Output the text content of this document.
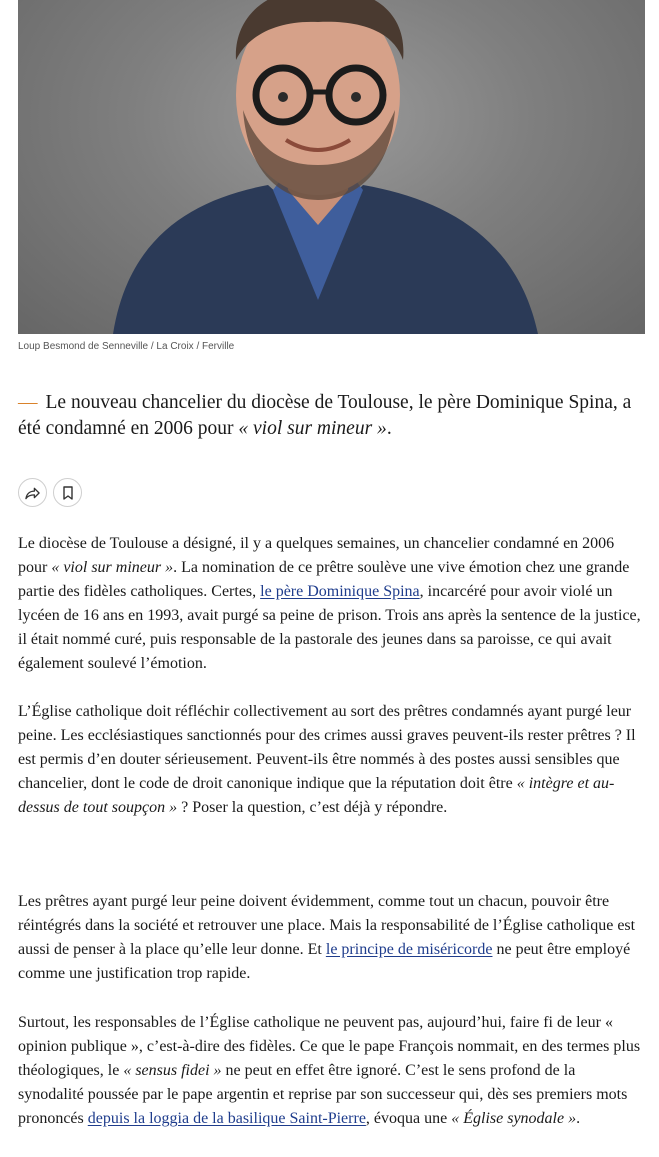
Loup Besmond de Senneville / La Croix / Ferville
— Le nouveau chancelier du diocèse de Toulouse, le père Dominique Spina, a été condamné en 2006 pour « viol sur mineur ».

Le diocèse de Toulouse a désigné, il y a quelques semaines, un chancelier condamné en 2006 pour « viol sur mineur ». La nomination de ce prêtre soulève une vive émotion chez une grande partie des fidèles catholiques. Certes, le père Dominique Spina, incarcéré pour avoir violé un lycéen de 16 ans en 1993, avait purgé sa peine de prison. Trois ans après la sentence de la justice, il était nommé curé, puis responsable de la pastorale des jeunes dans sa paroisse, ce qui avait également soulevé l’émotion.

L’Église catholique doit réfléchir collectivement au sort des prêtres condamnés ayant purgé leur peine. Les ecclésiastiques sanctionnés pour des crimes aussi graves peuvent-ils rester prêtres ? Il est permis d’en douter sérieusement. Peuvent-ils être nommés à des postes aussi sensibles que chancelier, dont le code de droit canonique indique que la réputation doit être « intègre et au-dessus de tout soupçon » ? Poser la question, c’est déjà y répondre.

Les prêtres ayant purgé leur peine doivent évidemment, comme tout un chacun, pouvoir être réintégrés dans la société et retrouver une place. Mais la responsabilité de l’Église catholique est aussi de penser à la place qu’elle leur donne. Et le principe de miséricorde ne peut être employé comme une justification trop rapide.

Surtout, les responsables de l’Église catholique ne peuvent pas, aujourd’hui, faire fi de leur « opinion publique », c’est-à-dire des fidèles. Ce que le pape François nommait, en des termes plus théologiques, le « sensus fidei » ne peut en effet être ignoré. C’est le sens profond de la synodalité poussée par le pape argentin et reprise par son successeur qui, dès ses premiers mots prononcés depuis la loggia de la basilique Saint-Pierre, évoqua une « Église synodale ».
